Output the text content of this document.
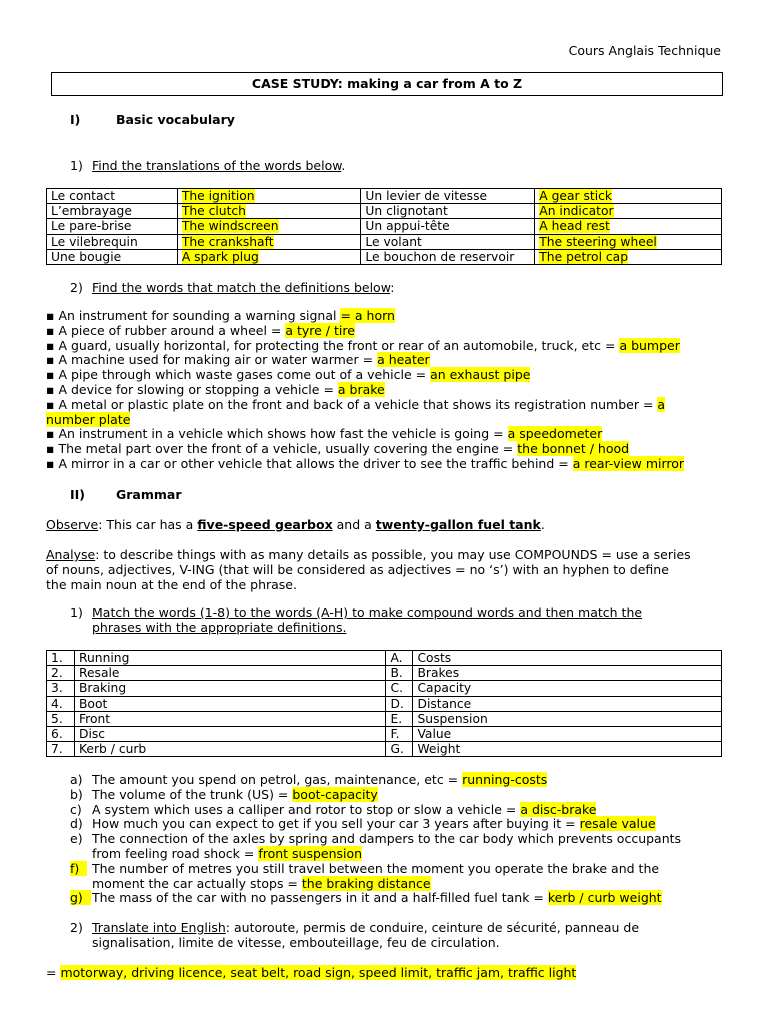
Cours Anglais Technique
CASE STUDY: making a car from A to Z
I)	Basic vocabulary
1) Find the translations of the words below.
Le contact	The ignition	Un levier de vitesse	A gear stick
L’embrayage	The clutch	Un clignotant	An indicator
Le pare-brise	The windscreen	Un appui-tête	A head rest
Le vilebrequin	The crankshaft	Le volant	The steering wheel
Une bougie	A spark plug	Le bouchon de reservoir	The petrol cap
2) Find the words that match the definitions below:
▪ An instrument for sounding a warning signal = a horn
▪ A piece of rubber around a wheel = a tyre / tire
▪ A guard, usually horizontal, for protecting the front or rear of an automobile, truck, etc = a bumper
▪ A machine used for making air or water warmer = a heater
▪ A pipe through which waste gases come out of a vehicle = an exhaust pipe
▪ A device for slowing or stopping a vehicle = a brake
▪ A metal or plastic plate on the front and back of a vehicle that shows its registration number = a
number plate
▪ An instrument in a vehicle which shows how fast the vehicle is going = a speedometer
▪ The metal part over the front of a vehicle, usually covering the engine = the bonnet / hood
▪ A mirror in a car or other vehicle that allows the driver to see the traffic behind = a rear-view mirror
II) Grammar
Observe: This car has a five-speed gearbox and a twenty-gallon fuel tank.
Analyse: to describe things with as many details as possible, you may use COMPOUNDS = use a series
of nouns, adjectives, V-ING (that will be considered as adjectives = no ‘s’) with an hyphen to define
the main noun at the end of the phrase.
1) Match the words (1-8) to the words (A-H) to make compound words and then match the
phrases with the appropriate definitions.
1.	Running	A.	Costs
2.	Resale	B.	Brakes
3.	Braking	C.	Capacity
4.	Boot	D.	Distance
5.	Front	E.	Suspension
6.	Disc	F.	Value
7.	Kerb / curb	G.	Weight
a) The amount you spend on petrol, gas, maintenance, etc = running-costs
b) The volume of the trunk (US) = boot-capacity
c) A system which uses a calliper and rotor to stop or slow a vehicle = a disc-brake
d) How much you can expect to get if you sell your car 3 years after buying it = resale value
e) The connection of the axles by spring and dampers to the car body which prevents occupants
from feeling road shock = front suspension
f)	The number of metres you still travel between the moment you operate the brake and the
moment the car actually stops = the braking distance
g) The mass of the car with no passengers in it and a half-filled fuel tank = kerb / curb weight
2) Translate into English: autoroute, permis de conduire, ceinture de sécurité, panneau de
signalisation, limite de vitesse, embouteillage, feu de circulation.
= motorway, driving licence, seat belt, road sign, speed limit, traffic jam, traffic light
